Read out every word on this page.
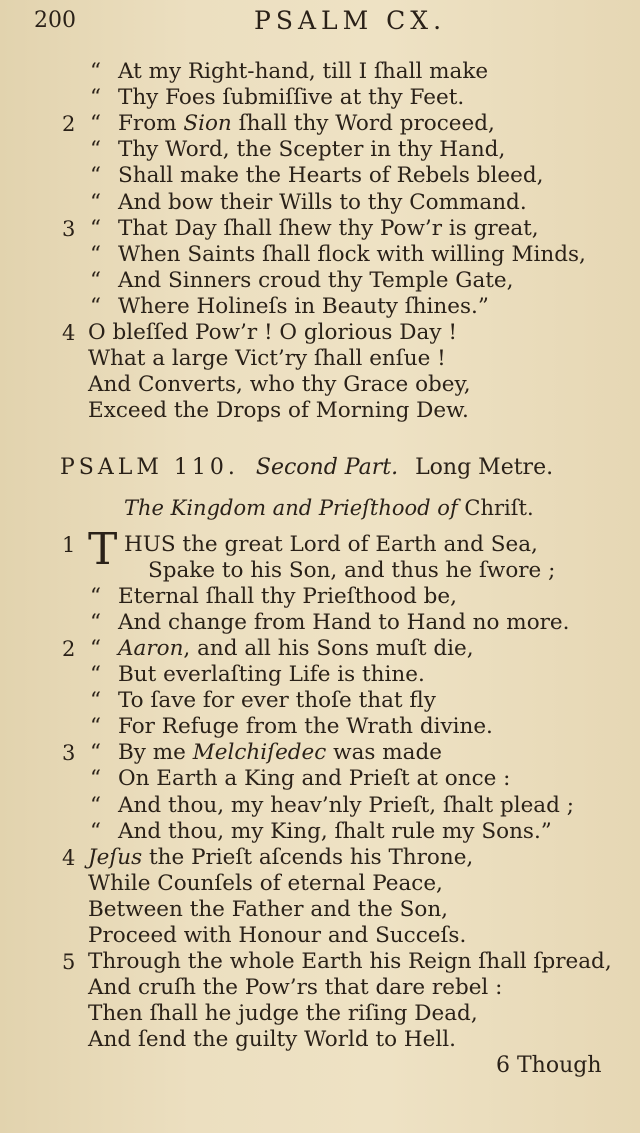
200	PSALM CX.
“ At my Right-hand, till I ſhall make
“ Thy Foes ſubmiſſive at thy Feet.
2 “ From Sion ſhall thy Word proceed,
“ Thy Word, the Scepter in thy Hand,
“ Shall make the Hearts of Rebels bleed,
“ And bow their Wills to thy Command.
3 “ That Day ſhall ſhew thy Pow’r is great,
“ When Saints ſhall flock with willing Minds,
“ And Sinners croud thy Temple Gate,
“ Where Holineſs in Beauty ſhines.”
4 O bleſſed Pow’r ! O glorious Day !
What a large Vict’ry ſhall enſue !
And Converts, who thy Grace obey,
Exceed the Drops of Morning Dew.
PSALM 110. Second Part. Long Metre.
The Kingdom and Prieſthood of Chriſt.
1 T HUS the great Lord of Earth and Sea,
Spake to his Son, and thus he ſwore ;
“ Eternal ſhall thy Prieſthood be,
“ And change from Hand to Hand no more.
2 “ Aaron, and all his Sons muſt die,
“ But everlaſting Life is thine.
“ To ſave for ever thoſe that fly
“ For Refuge from the Wrath divine.
3 “ By me Melchiſedec was made
“ On Earth a King and Prieſt at once :
“ And thou, my heav’nly Prieſt, ſhalt plead ;
“ And thou, my King, ſhalt rule my Sons.”
4 Jeſus the Prieſt aſcends his Throne,
While Counſels of eternal Peace,
Between the Father and the Son,
Proceed with Honour and Succeſs.
5 Through the whole Earth his Reign ſhall ſpread,
And cruſh the Pow’rs that dare rebel :
Then ſhall he judge the riſing Dead,
And ſend the guilty World to Hell.
6 Though
